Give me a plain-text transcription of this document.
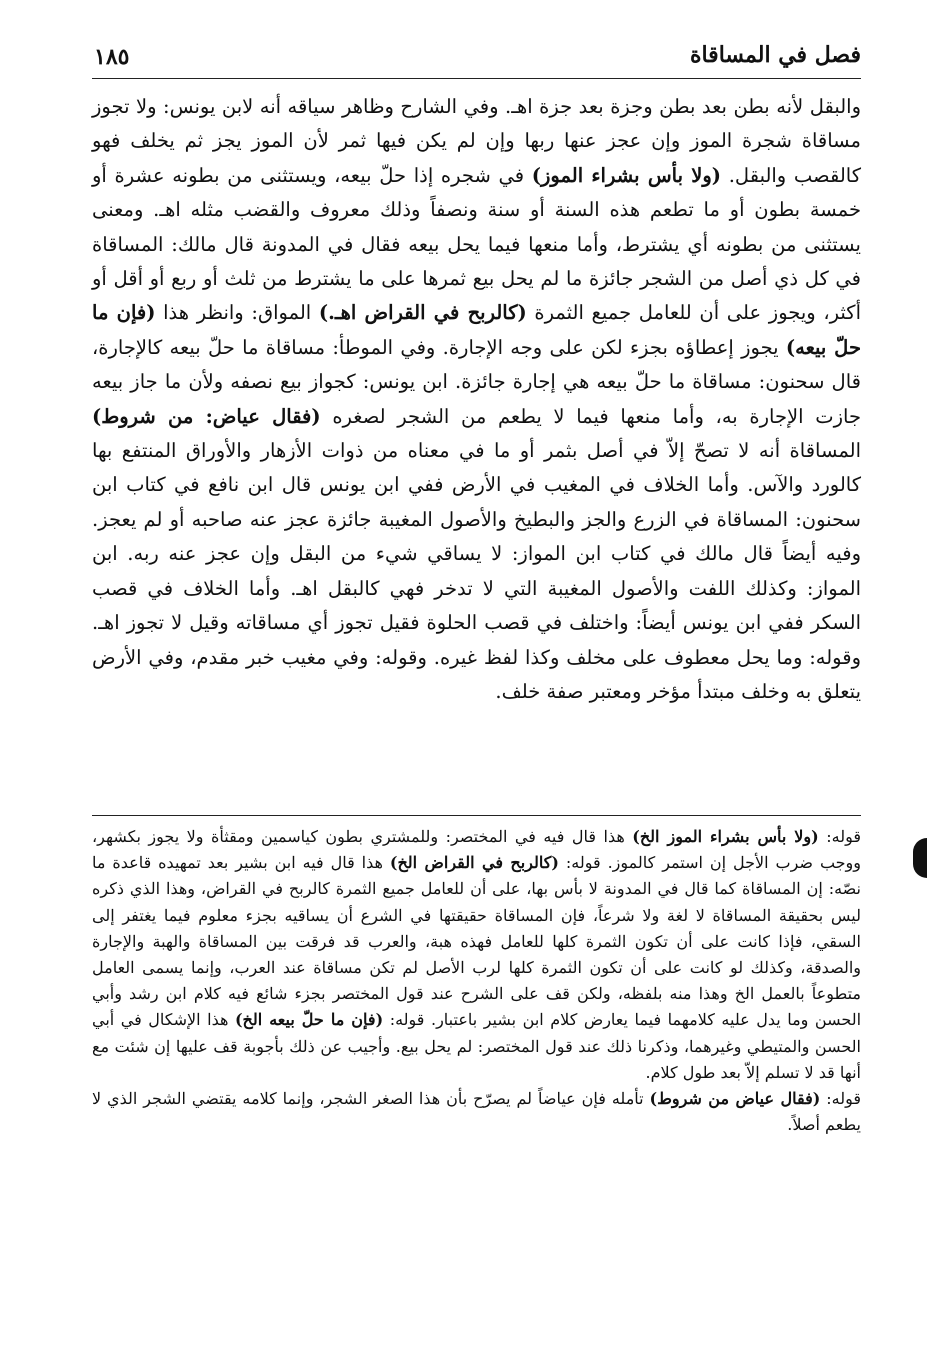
١٨٥	فصل في المساقاة

والبقل لأنه بطن بعد بطن وجزة بعد جزة اهـ. وفي الشارح وظاهر سياقه أنه لابن يونس: ولا تجوز مساقاة شجرة الموز وإن عجز عنها ربها وإن لم يكن فيها ثمر لأن الموز يجز ثم يخلف فهو كالقصب والبقل. (ولا بأس بشراء الموز) في شجره إذا حلّ بيعه، ويستثنى من بطونه عشرة أو خمسة بطون أو ما تطعم هذه السنة أو سنة ونصفاً وذلك معروف والقضب مثله اهـ. ومعنى يستثنى من بطونه أي يشترط، وأما منعها فيما يحل بيعه فقال في المدونة قال مالك: المساقاة في كل ذي أصل من الشجر جائزة ما لم يحل بيع ثمرها على ما يشترط من ثلث أو ربع أو أقل أو أكثر، ويجوز على أن للعامل جميع الثمرة (كالربح في القراض اهـ.) المواق: وانظر هذا (فإن ما حلّ بيعه) يجوز إعطاؤه بجزء لكن على وجه الإجارة. وفي الموطأ: مساقاة ما حلّ بيعه كالإجارة، قال سحنون: مساقاة ما حلّ بيعه هي إجارة جائزة. ابن يونس: كجواز بيع نصفه ولأن ما جاز بيعه جازت الإجارة به، وأما منعها فيما لا يطعم من الشجر لصغره (فقال عياض: من شروط) المساقاة أنه لا تصحّ إلاّ في أصل بثمر أو ما في معناه من ذوات الأزهار والأوراق المنتفع بها كالورد والآس. وأما الخلاف في المغيب في الأرض ففي ابن يونس قال ابن نافع في كتاب ابن سحنون: المساقاة في الزرع والجز والبطيخ والأصول المغيبة جائزة عجز عنه صاحبه أو لم يعجز. وفيه أيضاً قال مالك في كتاب ابن المواز: لا يساقي شيء من البقل وإن عجز عنه ربه. ابن المواز: وكذلك اللفت والأصول المغيبة التي لا تدخر فهي كالبقل اهـ. وأما الخلاف في قصب السكر ففي ابن يونس أيضاً: واختلف في قصب الحلوة فقيل تجوز أي مساقاته وقيل لا تجوز اهـ. وقوله: وما يحل معطوف على مخلف وكذا لفظ غيره. وقوله: وفي مغيب خبر مقدم، وفي الأرض يتعلق به وخلف مبتدأ مؤخر ومعتبر صفة خلف.

قوله: (ولا بأس بشراء الموز الخ) هذا قال فيه في المختصر: وللمشتري بطون كياسمين ومقثأة ولا يجوز بكشهر، ووجب ضرب الأجل إن استمر كالموز. قوله: (كالربح في القراض الخ) هذا قال فيه ابن بشير بعد تمهيده قاعدة ما نصّه: إن المساقاة كما قال في المدونة لا بأس بها، على أن للعامل جميع الثمرة كالربح في القراض، وهذا الذي ذكره ليس بحقيقة المساقاة لا لغة ولا شرعاً، فإن المساقاة حقيقتها في الشرع أن يساقيه بجزء معلوم فيما يغتفر إلى السقي، فإذا كانت على أن تكون الثمرة كلها للعامل فهذه هبة، والعرب قد فرقت بين المساقاة والهبة والإجارة والصدقة، وكذلك لو كانت على أن تكون الثمرة كلها لرب الأصل لم تكن مساقاة عند العرب، وإنما يسمى العامل متطوعاً بالعمل الخ وهذا منه بلفظه، ولكن قف على الشرح عند قول المختصر بجزء شائع فيه كلام ابن رشد وأبي الحسن وما يدل عليه كلامهما فيما يعارض كلام ابن بشير باعتبار. قوله: (فإن ما حلّ بيعه الخ) هذا الإشكال في أبي الحسن والمتيطي وغيرهما، وذكرنا ذلك عند قول المختصر: لم يحل بيع. وأجيب عن ذلك بأجوبة قف عليها إن شئت مع أنها قد لا تسلم إلاّ بعد طول كلام.

قوله: (فقال عياض من شروط) تأمله فإن عياضاً لم يصرّح بأن هذا الصغر الشجر، وإنما كلامه يقتضي الشجر الذي لا يطعم أصلاً.
